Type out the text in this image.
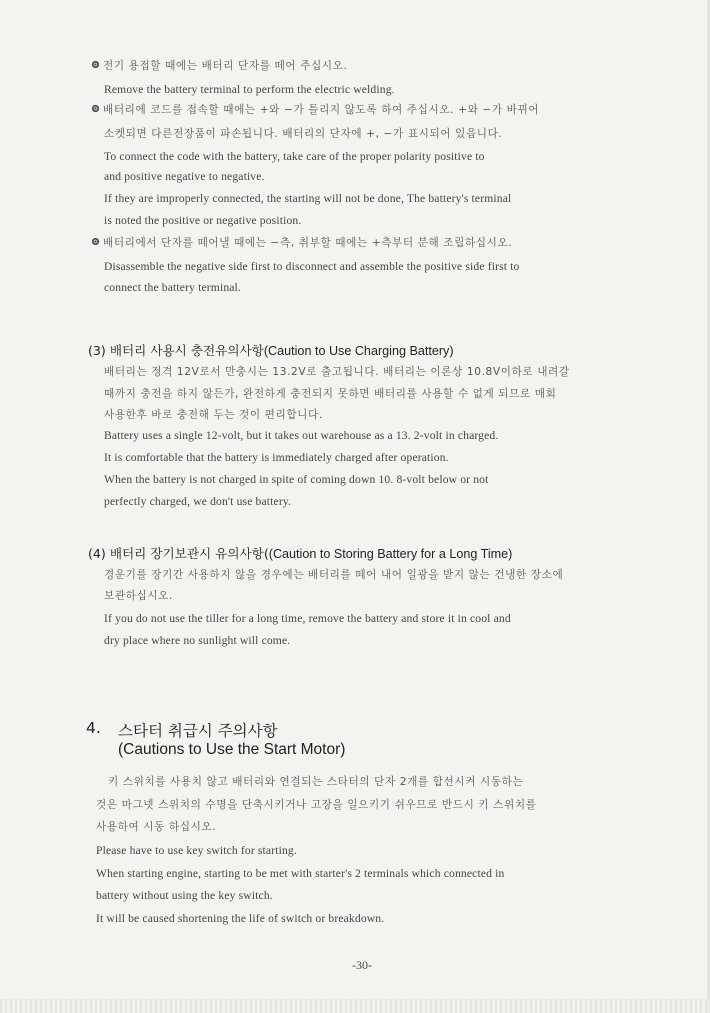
전기 용접할 때에는 배터리 단자를 떼어 주십시오.
Remove the battery terminal to perform the electric welding.
배터리에 코드를 접속할 때에는 +와 −가 틀리지 않도록 하여 주십시오. +와 −가 바뀌어
소켓되면 다른전장품이 파손됩니다. 배터리의 단자에 +, −가 표시되어 있읍니다.
To connect the code with the battery, take care of the proper polarity positive to
and positive negative to negative.
If they are improperly connected, the starting will not be done, The battery's terminal
is noted the positive or negative position.
배터리에서 단자를 떼어낼 때에는 −측, 취부할 때에는 +측부터 분해 조립하십시오.
Disassemble the negative side first to disconnect and assemble the positive side first to
connect the battery terminal.
(3) 배터리 사용시 충전유의사항(Caution to Use Charging Battery)
배터리는 정격 12V로서 만충시는 13.2V로 출고됩니다. 배터리는 이론상 10.8V이하로 내려갈
때까지 충전을 하지 않든가, 완전하게 충전되지 못하면 배터리를 사용할 수 없게 되므로 매회
사용한후 바로 충전해 두는 것이 편리합니다.
Battery uses a single 12-volt, but it takes out warehouse as a 13. 2-volt in charged.
It is comfortable that the battery is immediately charged after operation.
When the battery is not charged in spite of coming down 10. 8-volt below or not
perfectly charged, we don't use battery.
(4) 배터리 장기보관시 유의사항((Caution to Storing Battery for a Long Time)
경운기를 장기간 사용하지 않을 경우에는 배터리를 떼어 내어 일광을 받지 않는 건냉한 장소에
보관하십시오.
If you do not use the tiller for a long time, remove the battery and store it in cool and
dry place where no sunlight will come.
4. 스타터 취급시 주의사항
(Cautions to Use the Start Motor)
키 스위치를 사용치 않고 배터리와 연결되는 스타터의 단자 2개를 합선시켜 시동하는
것은 마그넷 스위치의 수명을 단축시키거나 고장을 일으키기 쉬우므로 반드시 키 스위치를
사용하여 시동 하십시오.
Please have to use key switch for starting.
When starting engine, starting to be met with starter's 2 terminals which connected in
battery without using the key switch.
It will be caused shortening the life of switch or breakdown.
-30-
